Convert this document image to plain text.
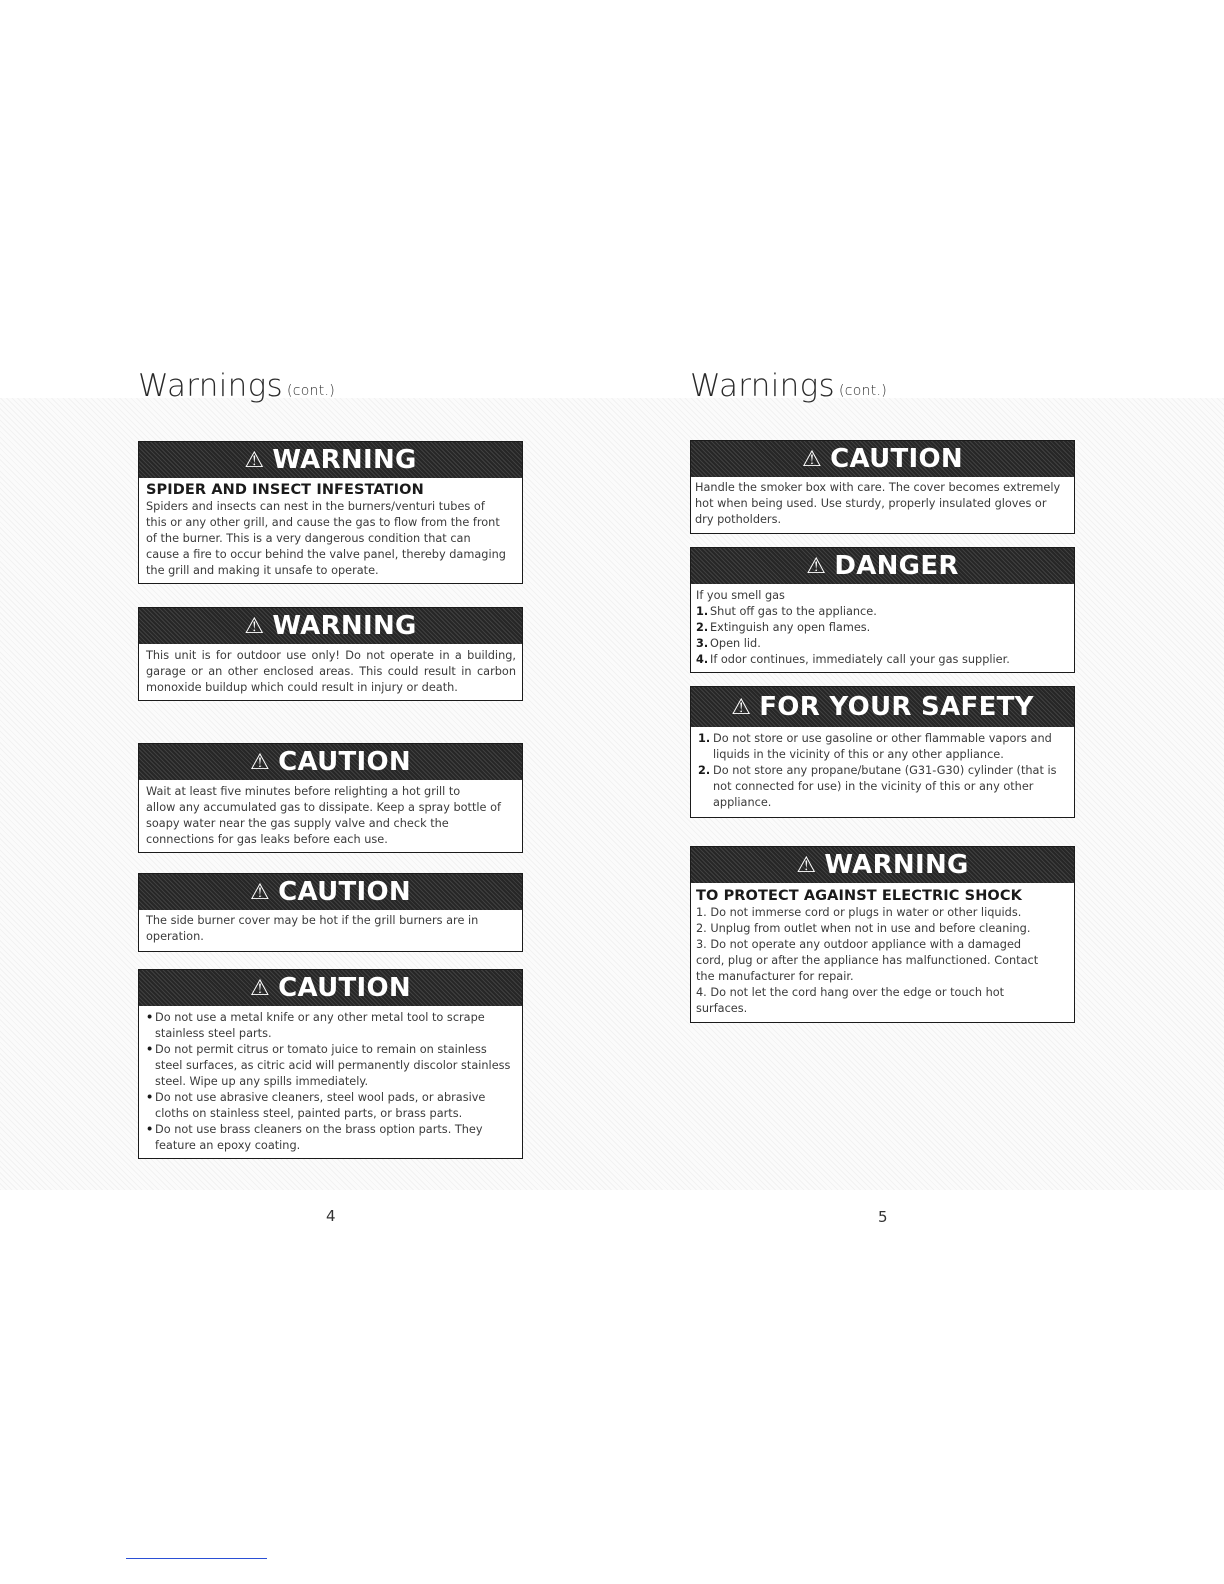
Warnings (cont.)
⚠ WARNING
SPIDER AND INSECT INFESTATION

Spiders and insects can nest in the burners/venturi tubes of

this or any other grill, and cause the gas to flow from the front

of the burner. This is a very dangerous condition that can

cause a fire to occur behind the valve panel, thereby damaging

the grill and making it unsafe to operate.

⚠ WARNING

This unit is for outdoor use only! Do not operate in a building, garage or an other enclosed areas. This could result in carbon monoxide buildup which could result in injury or death.

⚠ CAUTION

Wait at least five minutes before relighting a hot grill to

allow any accumulated gas to dissipate. Keep a spray bottle of

soapy water near the gas supply valve and check the

connections for gas leaks before each use.

⚠ CAUTION

The side burner cover may be hot if the grill burners are in

operation.

⚠ CAUTION
• Do not use a metal knife or any other metal tool to scrape stainless steel parts.
• Do not permit citrus or tomato juice to remain on stainless steel surfaces, as citric acid will permanently discolor stainless steel. Wipe up any spills immediately.
• Do not use abrasive cleaners, steel wool pads, or abrasive cloths on stainless steel, painted parts, or brass parts.
• Do not use brass cleaners on the brass option parts. They feature an epoxy coating.
4
Warnings (cont.)
⚠ CAUTION

Handle the smoker box with care. The cover becomes extremely

hot when being used. Use sturdy, properly insulated gloves or

dry potholders.

⚠ DANGER

If you smell gas

1. Shut off gas to the appliance.
2. Extinguish any open flames.
3. Open lid.
4. If odor continues, immediately call your gas supplier.
⚠ FOR YOUR SAFETY
1. Do not store or use gasoline or other flammable vapors and liquids in the vicinity of this or any other appliance.
2. Do not store any propane/butane (G31-G30) cylinder (that is not connected for use) in the vicinity of this or any other appliance.
⚠ WARNING
TO PROTECT AGAINST ELECTRIC SHOCK

1. Do not immerse cord or plugs in water or other liquids.

2. Unplug from outlet when not in use and before cleaning.

3. Do not operate any outdoor appliance with a damaged

cord, plug or after the appliance has malfunctioned. Contact

the manufacturer for repair.

4. Do not let the cord hang over the edge or touch hot

surfaces.

5
